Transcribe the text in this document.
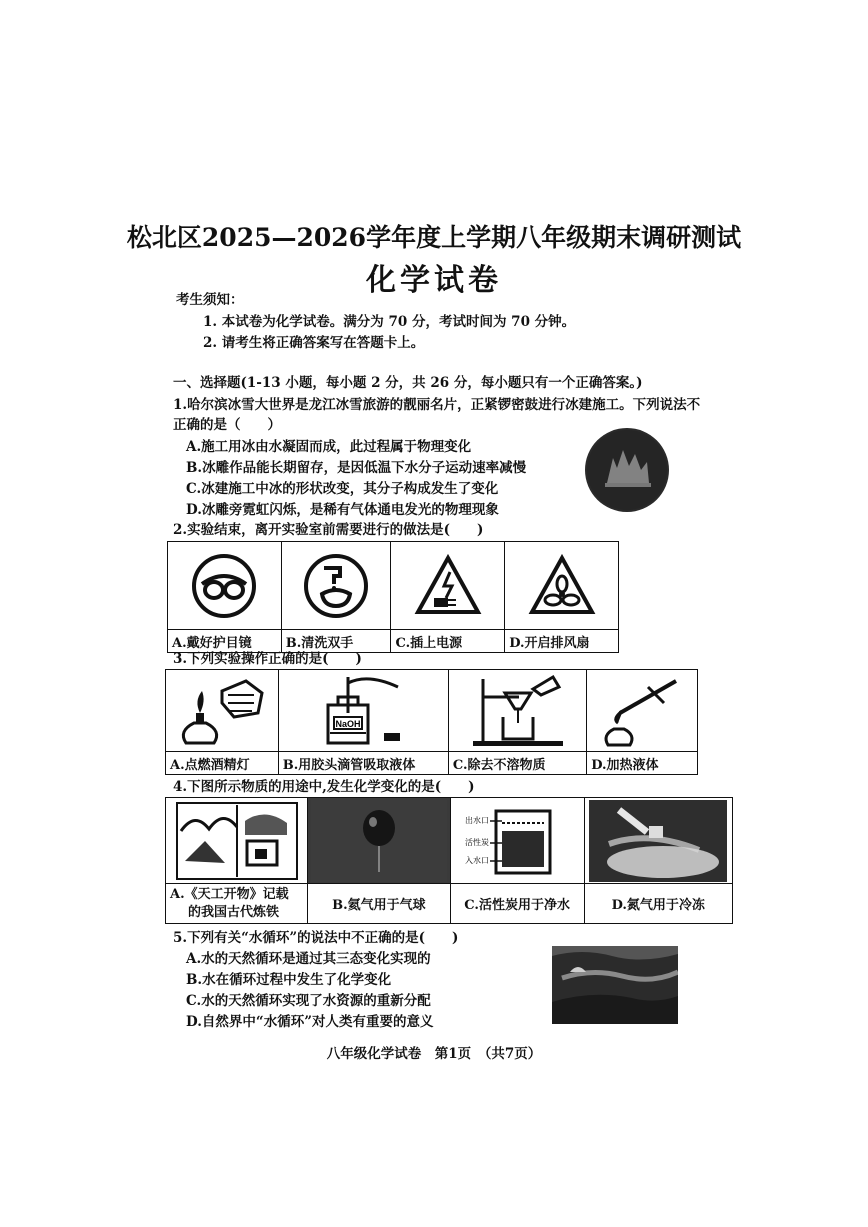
松北区2025—2026学年度上学期八年级期末调研测试
化学试卷
考生须知：
1. 本试卷为化学试卷。满分为 70 分，考试时间为 70 分钟。
2. 请考生将正确答案写在答题卡上。
一、选择题(1-13 小题，每小题 2 分，共 26 分，每小题只有一个正确答案。)
1.哈尔滨冰雪大世界是龙江冰雪旅游的靓丽名片，正紧锣密鼓进行冰建施工。下列说法不
正确的是（　　）
A.施工用冰由水凝固而成，此过程属于物理变化
B.冰雕作品能长期留存，是因低温下水分子运动速率减慢
C.冰建施工中冰的形状改变，其分子构成发生了变化
D.冰雕旁霓虹闪烁，是稀有气体通电发光的物理现象
2.实验结束，离开实验室前需要进行的做法是(　　)

A.戴好护目镜	B.清洗双手	C.插上电源	D.开启排风扇
3.下列实验操作正确的是(　　)

NaOH

A.点燃酒精灯	B.用胶头滴管吸取液体	C.除去不溶物质	D.加热液体
4.下图所示物质的用途中,发生化学变化的是(　　)

出水口
活性炭
入水口

A.《天工开物》记载
的我国古代炼铁	B.氦气用于气球	C.活性炭用于净水	D.氮气用于冷冻
5.下列有关“水循环”的说法中不正确的是(　　)
A.水的天然循环是通过其三态变化实现的
B.水在循环过程中发生了化学变化
C.水的天然循环实现了水资源的重新分配
D.自然界中“水循环”对人类有重要的意义
八年级化学试卷　第1页　（共7页）
